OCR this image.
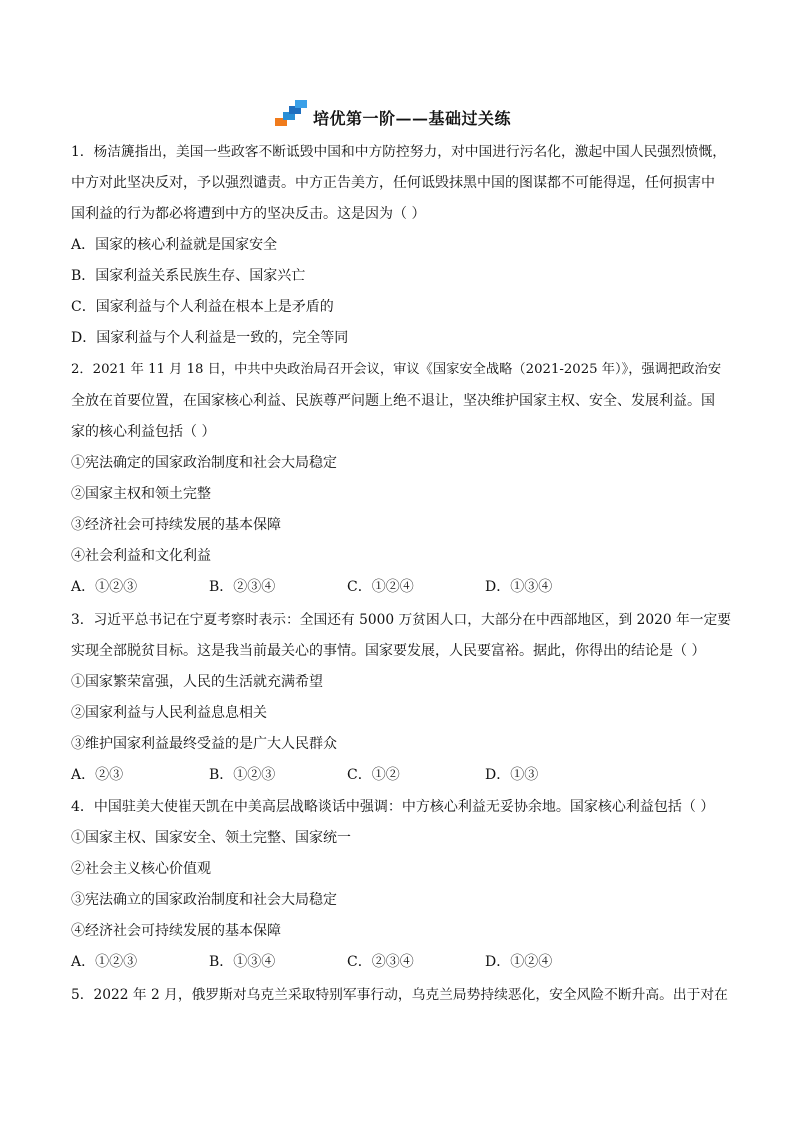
培优第一阶——基础过关练
1．杨洁篪指出，美国一些政客不断诋毁中国和中方防控努力，对中国进行污名化，激起中国人民强烈愤慨，
中方对此坚决反对，予以强烈谴责。中方正告美方，任何诋毁抹黑中国的图谋都不可能得逞，任何损害中
国利益的行为都必将遭到中方的坚决反击。这是因为（ ）
A．国家的核心利益就是国家安全
B．国家利益关系民族生存、国家兴亡
C．国家利益与个人利益在根本上是矛盾的
D．国家利益与个人利益是一致的，完全等同
2．2021 年 11 月 18 日，中共中央政治局召开会议，审议《国家安全战略（2021-2025 年）》，强调把政治安
全放在首要位置，在国家核心利益、民族尊严问题上绝不退让，坚决维护国家主权、安全、发展利益。国
家的核心利益包括（ ）
①宪法确定的国家政治制度和社会大局稳定
②国家主权和领土完整
③经济社会可持续发展的基本保障
④社会利益和文化利益
A．①②③	B．②③④	C．①②④	D．①③④
3．习近平总书记在宁夏考察时表示：全国还有 5000 万贫困人口，大部分在中西部地区，到 2020 年一定要
实现全部脱贫目标。这是我当前最关心的事情。国家要发展，人民要富裕。据此，你得出的结论是（ ）
①国家繁荣富强，人民的生活就充满希望
②国家利益与人民利益息息相关
③维护国家利益最终受益的是广大人民群众
A．②③	B．①②③	C．①②	D．①③
4．中国驻美大使崔天凯在中美高层战略谈话中强调：中方核心利益无妥协余地。国家核心利益包括（ ）
①国家主权、国家安全、领土完整、国家统一
②社会主义核心价值观
③宪法确立的国家政治制度和社会大局稳定
④经济社会可持续发展的基本保障
A．①②③	B．①③④	C．②③④	D．①②④
5．2022 年 2 月，俄罗斯对乌克兰采取特别军事行动，乌克兰局势持续恶化，安全风险不断升高。出于对在
